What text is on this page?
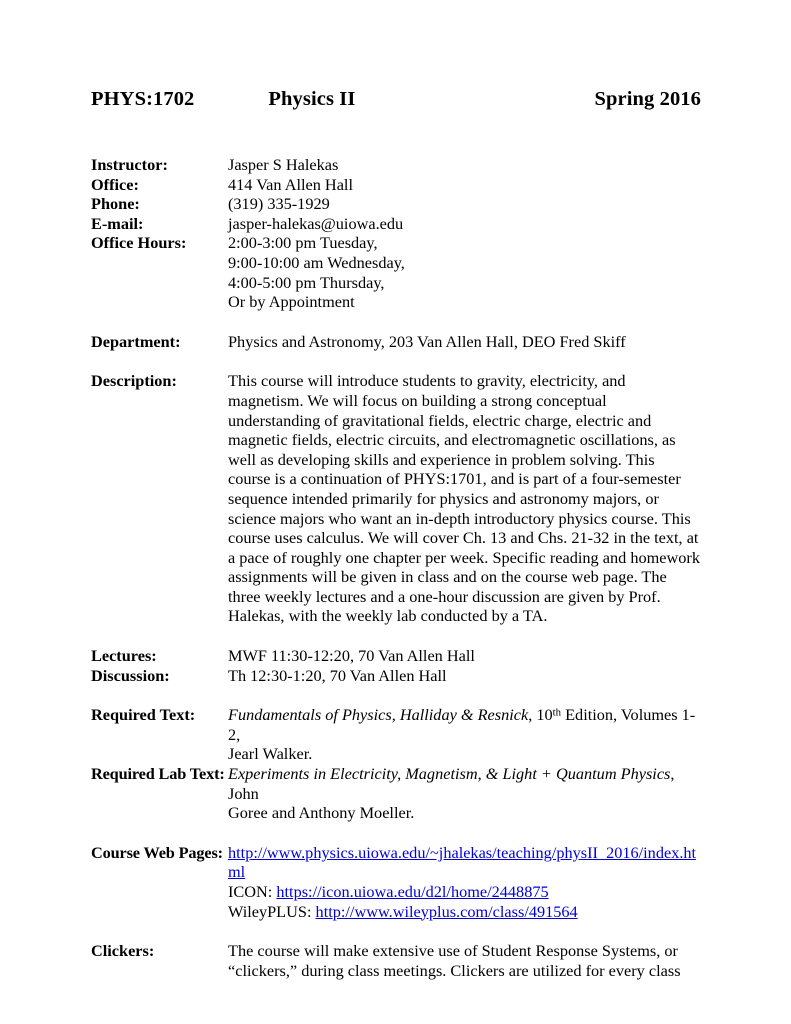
PHYS:1702	Physics II	Spring 2016
Instructor:	Jasper S Halekas
Office:	414 Van Allen Hall
Phone:	(319) 335-1929
E-mail:	jasper-halekas@uiowa.edu
Office Hours:	2:00-3:00 pm Tuesday,

9:00-10:00 am Wednesday,

4:00-5:00 pm Thursday,

Or by Appointment

Department:	Physics and Astronomy, 203 Van Allen Hall, DEO Fred Skiff
Description:	This course will introduce students to gravity, electricity, and magnetism. We will focus on building a strong conceptual understanding of gravitational fields, electric charge, electric and magnetic fields, electric circuits, and electromagnetic oscillations, as well as developing skills and experience in problem solving. This course is a continuation of PHYS:1701, and is part of a four-semester sequence intended primarily for physics and astronomy majors, or science majors who want an in-depth introductory physics course. This course uses calculus. We will cover Ch. 13 and Chs. 21-32 in the text, at a pace of roughly one chapter per week. Specific reading and homework assignments will be given in class and on the course web page. The three weekly lectures and a one-hour discussion are given by Prof. Halekas, with the weekly lab conducted by a TA.

Lectures:	MWF 11:30-12:20, 70 Van Allen Hall
Discussion:	Th 12:30-1:20, 70 Van Allen Hall
Required Text:	Fundamentals of Physics, Halliday & Resnick, 10th Edition, Volumes 1-2,

Jearl Walker.

Required Lab Text: Experiments in Electricity, Magnetism, & Light + Quantum Physics, John

Goree and Anthony Moeller.

Course Web Pages: http://www.physics.uiowa.edu/~jhalekas/teaching/physII_2016/index.html

ICON: https://icon.uiowa.edu/d2l/home/2448875

WileyPLUS: http://www.wileyplus.com/class/491564

Clickers:	The course will make extensive use of Student Response Systems, or “clickers,” during class meetings. Clickers are utilized for every class
